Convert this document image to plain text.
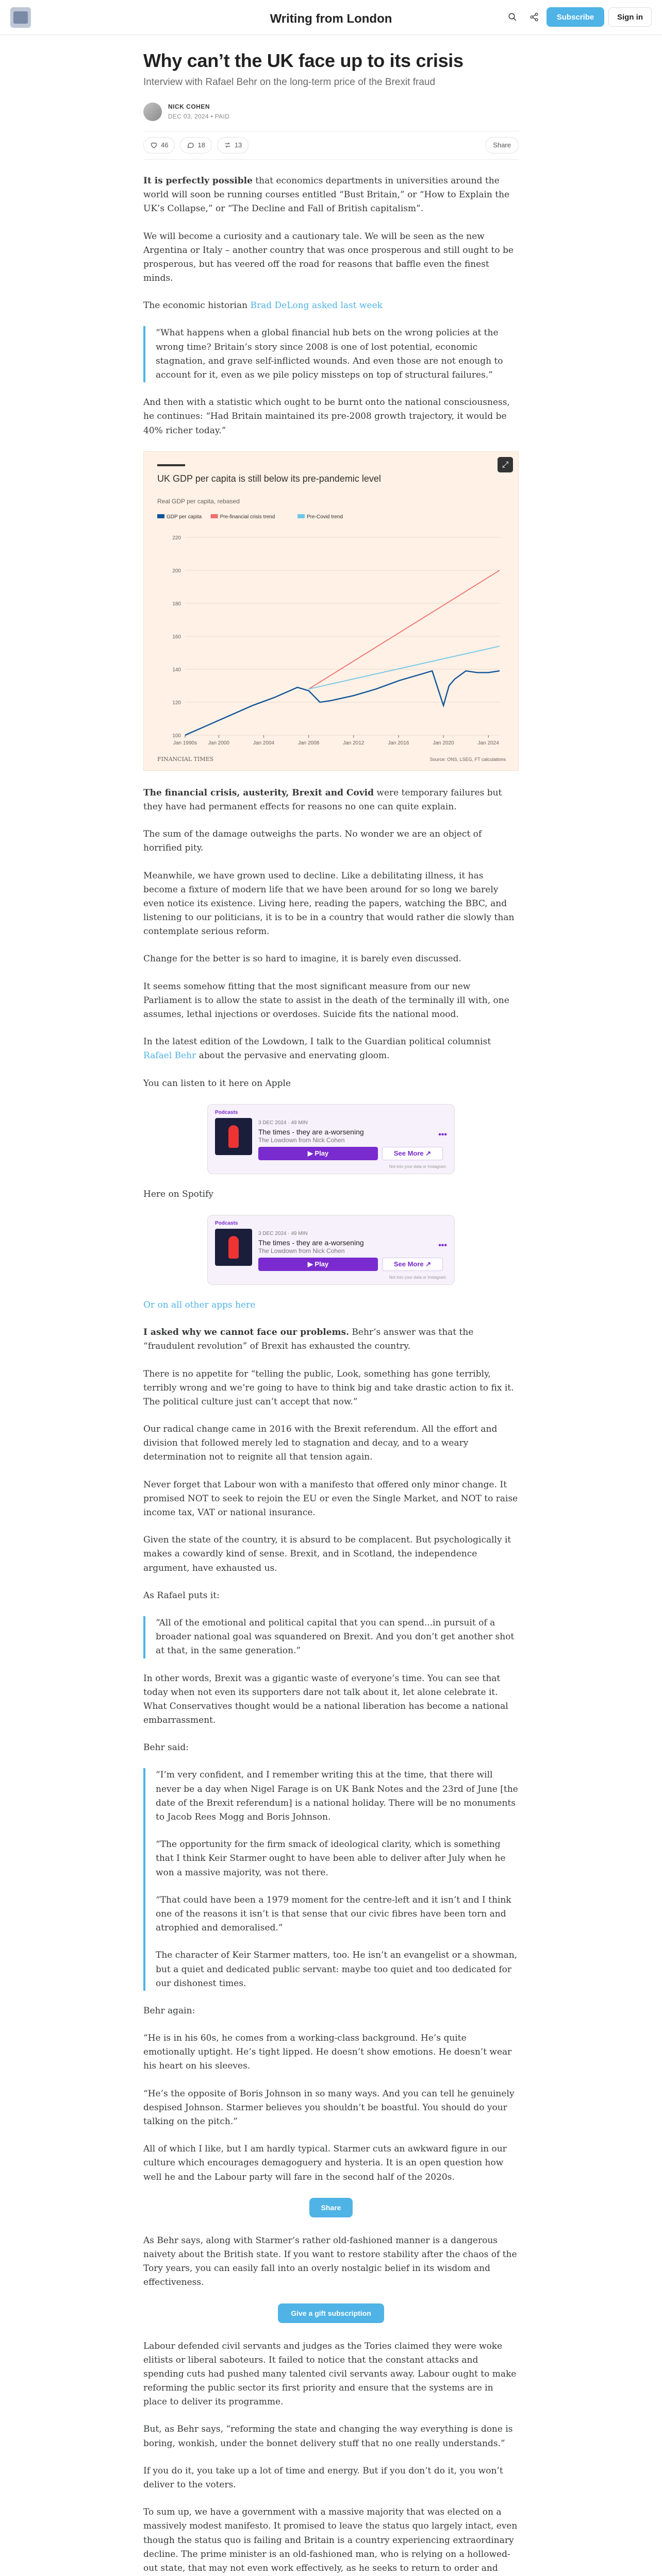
Writing from London	Subscribe	Sign in
Why can’t the UK face up to its crisis
Interview with Rafael Behr on the long-term price of the Brexit fraud
NICK COHEN
DEC 03, 2024 • PAID
46	18	13	Share

It is perfectly possible that economics departments in universities around the world will soon be running courses entitled “Bust Britain,” or “How to Explain the UK’s Collapse,” or “The Decline and Fall of British capitalism”.

We will become a curiosity and a cautionary tale. We will be seen as the new Argentina or Italy – another country that was once prosperous and still ought to be prosperous, but has veered off the road for reasons that baffle even the finest minds.

The economic historian Brad DeLong asked last week

“What happens when a global financial hub bets on the wrong policies at the wrong time? Britain’s story since 2008 is one of lost potential, economic stagnation, and grave self-inflicted wounds. And even those are not enough to account for it, even as we pile policy missteps on top of structural failures.”

And then with a statistic which ought to be burnt onto the national consciousness, he continues: “Had Britain maintained its pre-2008 growth trajectory, it would be 40% richer today.”

⤢
UK GDP per capita is still below its pre-pandemic level
Real GDP per capita, rebased
GDP per capita	Pre-financial crisis trend	Pre-Covid trend
100
120
140
160
180
200
220
Jan 1990s Jan 2000	Jan 2004	Jan 2008	Jan 2012	Jan 2016	Jan 2020	Jan 2024
FINANCIAL TIMES	Source: ONS, LSEG, FT calculations

The financial crisis, austerity, Brexit and Covid were temporary failures but they have had permanent effects for reasons no one can quite explain.

The sum of the damage outweighs the parts. No wonder we are an object of horrified pity.

Meanwhile, we have grown used to decline. Like a debilitating illness, it has become a fixture of modern life that we have been around for so long we barely even notice its existence. Living here, reading the papers, watching the BBC, and listening to our politicians, it is to be in a country that would rather die slowly than contemplate serious reform.

Change for the better is so hard to imagine, it is barely even discussed.

It seems somehow fitting that the most significant measure from our new Parliament is to allow the state to assist in the death of the terminally ill with, one assumes, lethal injections or overdoses. Suicide fits the national mood.

In the latest edition of the Lowdown, I talk to the Guardian political columnist Rafael Behr about the pervasive and enervating gloom.

You can listen to it here on Apple

Podcasts
3 DEC 2024 · 49 MIN
The times - they are a-worsening
The Lowdown from Nick Cohen
•••
▶ Play	See More ↗
Not into your data or Instagram

Here on Spotify

Podcasts
3 DEC 2024 · 49 MIN
The times - they are a-worsening
The Lowdown from Nick Cohen
•••
▶ Play	See More ↗
Not into your data or Instagram

Or on all other apps here

I asked why we cannot face our problems. Behr’s answer was that the “fraudulent revolution” of Brexit has exhausted the country.

There is no appetite for “telling the public, Look, something has gone terribly, terribly wrong and we’re going to have to think big and take drastic action to fix it. The political culture just can’t accept that now.”

Our radical change came in 2016 with the Brexit referendum. All the effort and division that followed merely led to stagnation and decay, and to a weary determination not to reignite all that tension again.

Never forget that Labour won with a manifesto that offered only minor change. It promised NOT to seek to rejoin the EU or even the Single Market, and NOT to raise income tax, VAT or national insurance.

Given the state of the country, it is absurd to be complacent. But psychologically it makes a cowardly kind of sense. Brexit, and in Scotland, the independence argument, have exhausted us.

As Rafael puts it:

“All of the emotional and political capital that you can spend...in pursuit of a broader national goal was squandered on Brexit. And you don’t get another shot at that, in the same generation.”

In other words, Brexit was a gigantic waste of everyone’s time. You can see that today when not even its supporters dare not talk about it, let alone celebrate it. What Conservatives thought would be a national liberation has become a national embarrassment.

Behr said:

“I’m very confident, and I remember writing this at the time, that there will never be a day when Nigel Farage is on UK Bank Notes and the 23rd of June [the date of the Brexit referendum] is a national holiday. There will be no monuments to Jacob Rees Mogg and Boris Johnson.

“The opportunity for the firm smack of ideological clarity, which is something that I think Keir Starmer ought to have been able to deliver after July when he won a massive majority, was not there.

“That could have been a 1979 moment for the centre-left and it isn’t and I think one of the reasons it isn’t is that sense that our civic fibres have been torn and atrophied and demoralised.”

The character of Keir Starmer matters, too. He isn’t an evangelist or a showman, but a quiet and dedicated public servant: maybe too quiet and too dedicated for our dishonest times.

Behr again:

“He is in his 60s, he comes from a working-class background. He’s quite emotionally uptight. He’s tight lipped. He doesn’t show emotions. He doesn’t wear his heart on his sleeves.

“He’s the opposite of Boris Johnson in so many ways. And you can tell he genuinely despised Johnson. Starmer believes you shouldn’t be boastful. You should do your talking on the pitch.”

All of which I like, but I am hardly typical. Starmer cuts an awkward figure in our culture which encourages demagoguery and hysteria. It is an open question how well he and the Labour party will fare in the second half of the 2020s.

Share

As Behr says, along with Starmer’s rather old-fashioned manner is a dangerous naivety about the British state. If you want to restore stability after the chaos of the Tory years, you can easily fall into an overly nostalgic belief in its wisdom and effectiveness.

Give a gift subscription

Labour defended civil servants and judges as the Tories claimed they were woke elitists or liberal saboteurs. It failed to notice that the constant attacks and spending cuts had pushed many talented civil servants away. Labour ought to make reforming the public sector its first priority and ensure that the systems are in place to deliver its programme.

But, as Behr says, “reforming the state and changing the way everything is done is boring, wonkish, under the bonnet delivery stuff that no one really understands.”

If you do it, you take up a lot of time and energy. But if you don’t do it, you won’t deliver to the voters.

To sum up, we have a government with a massive majority that was elected on a massively modest manifesto. It promised to leave the status quo largely intact, even though the status quo is failing and Britain is a country experiencing extraordinary decline. The prime minister is an old-fashioned man, who is relying on a hollowed-out state, that may not even work effectively, as he seeks to return to order and
